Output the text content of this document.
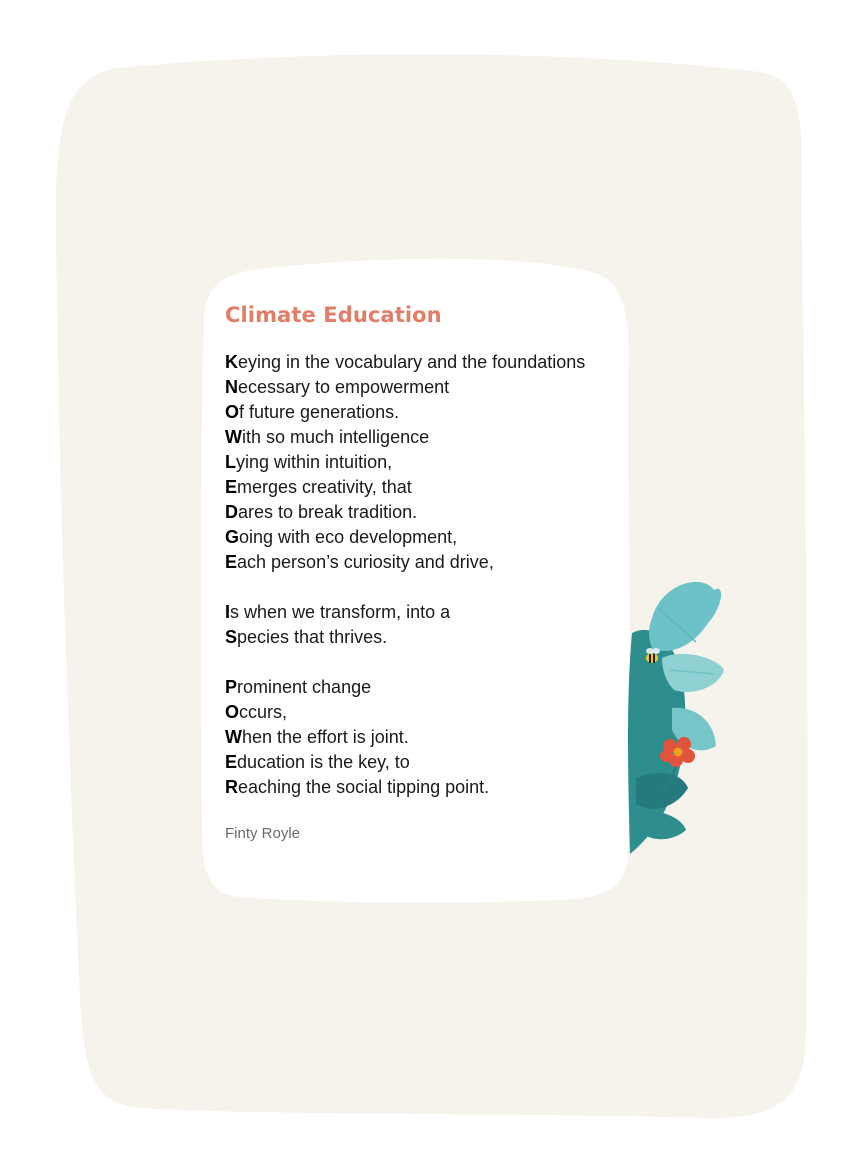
Climate Education
Keying in the vocabulary and the foundations
Necessary to empowerment
Of future generations.
With so much intelligence
Lying within intuition,
Emerges creativity, that
Dares to break tradition.
Going with eco development,
Each person’s curiosity and drive,
Is when we transform, into a
Species that thrives.
Prominent change
Occurs,
When the effort is joint.
Education is the key, to
Reaching the social tipping point.
Finty Royle
